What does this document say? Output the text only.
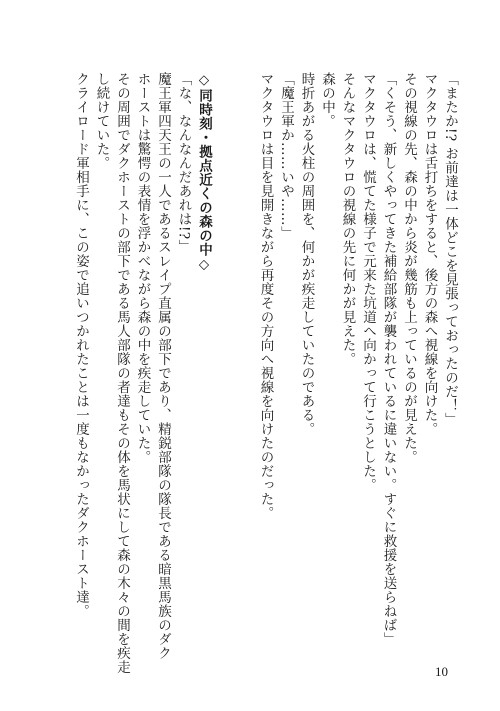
「またか!? お前達は一体どこを見張っておったのだ！」

マクタウロは舌打ちをすると、後方の森へ視線を向けた。

その視線の先、森の中から炎が幾筋も上っているのが見えた。

「くそう、新しくやってきた補給部隊が襲われているに違いない。すぐに救援を送らねば」

マクタウロは、慌てた様子で元来た坑道へ向かって行こうとした。

そんなマクタウロの視線の先に何かが見えた。

森の中。

時折あがる火柱の周囲を、何かが疾走していたのである。

「魔王軍か……いや……」

マクタウロは目を見開きながら再度その方向へ視線を向けたのだった。

◇同時刻・拠点近くの森の中◇

「な、なんなんだあれは!?」

魔王軍四天王の一人であるスレイプ直属の部下であり、精鋭部隊の隊長である暗黒馬族のダク

ホーストは驚愕の表情を浮かべながら森の中を疾走していた。

その周囲でダクホーストの部下である馬人部隊の者達もその体を馬状にして森の木々の間を疾走

し続けていた。

クライロード軍相手に、この姿で追いつかれたことは一度もなかったダクホースト達。

10
